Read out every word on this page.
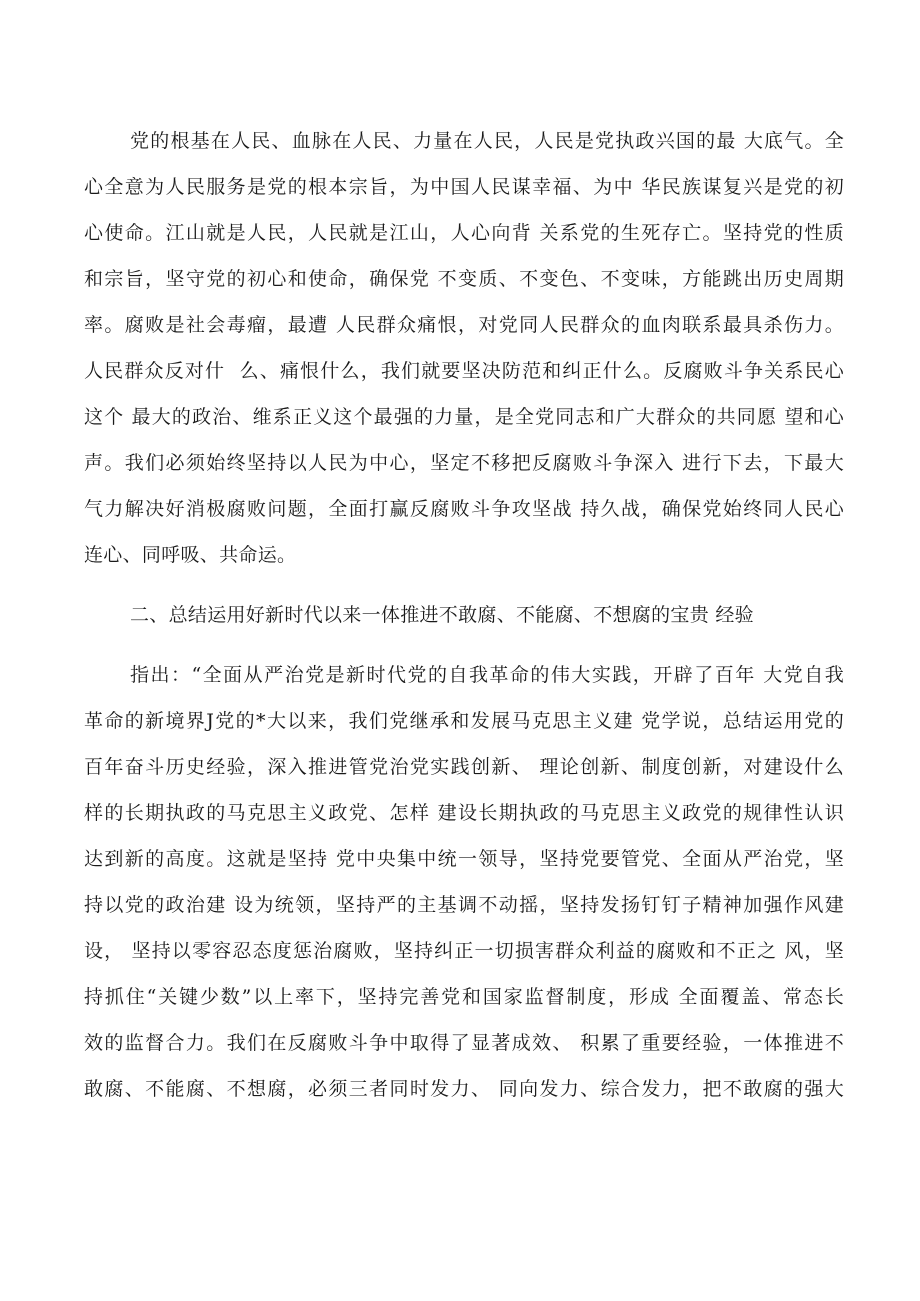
党的根基在人民、血脉在人民、力量在人民，人民是党执政兴国的最 大底气。全
心全意为人民服务是党的根本宗旨，为中国人民谋幸福、为中 华民族谋复兴是党的初
心使命。江山就是人民，人民就是江山，人心向背 关系党的生死存亡。坚持党的性质
和宗旨，坚守党的初心和使命，确保党 不变质、不变色、不变味，方能跳出历史周期
率。腐败是社会毒瘤，最遭 人民群众痛恨，对党同人民群众的血肉联系最具杀伤力。
人民群众反对什  么、痛恨什么，我们就要坚决防范和纠正什么。反腐败斗争关系民心
这个 最大的政治、维系正义这个最强的力量，是全党同志和广大群众的共同愿 望和心
声。我们必须始终坚持以人民为中心，坚定不移把反腐败斗争深入 进行下去，下最大
气力解决好消极腐败问题，全面打赢反腐败斗争攻坚战 持久战，确保党始终同人民心
连心、同呼吸、共命运。
二、总结运用好新时代以来一体推进不敢腐、不能腐、不想腐的宝贵 经验
指出：“全面从严治党是新时代党的自我革命的伟大实践，开辟了百年 大党自我
革命的新境界J党的*大以来，我们党继承和发展马克思主义建 党学说，总结运用党的
百年奋斗历史经验，深入推进管党治党实践创新、 理论创新、制度创新，对建设什么
样的长期执政的马克思主义政党、怎样 建设长期执政的马克思主义政党的规律性认识
达到新的高度。这就是坚持 党中央集中统一领导，坚持党要管党、全面从严治党，坚
持以党的政治建 设为统领，坚持严的主基调不动摇，坚持发扬钉钉子精神加强作风建
设， 坚持以零容忍态度惩治腐败，坚持纠正一切损害群众利益的腐败和不正之 风，坚
持抓住“关键少数”以上率下，坚持完善党和国家监督制度，形成 全面覆盖、常态长
效的监督合力。我们在反腐败斗争中取得了显著成效、 积累了重要经验，一体推进不
敢腐、不能腐、不想腐，必须三者同时发力、 同向发力、综合发力，把不敢腐的强大
